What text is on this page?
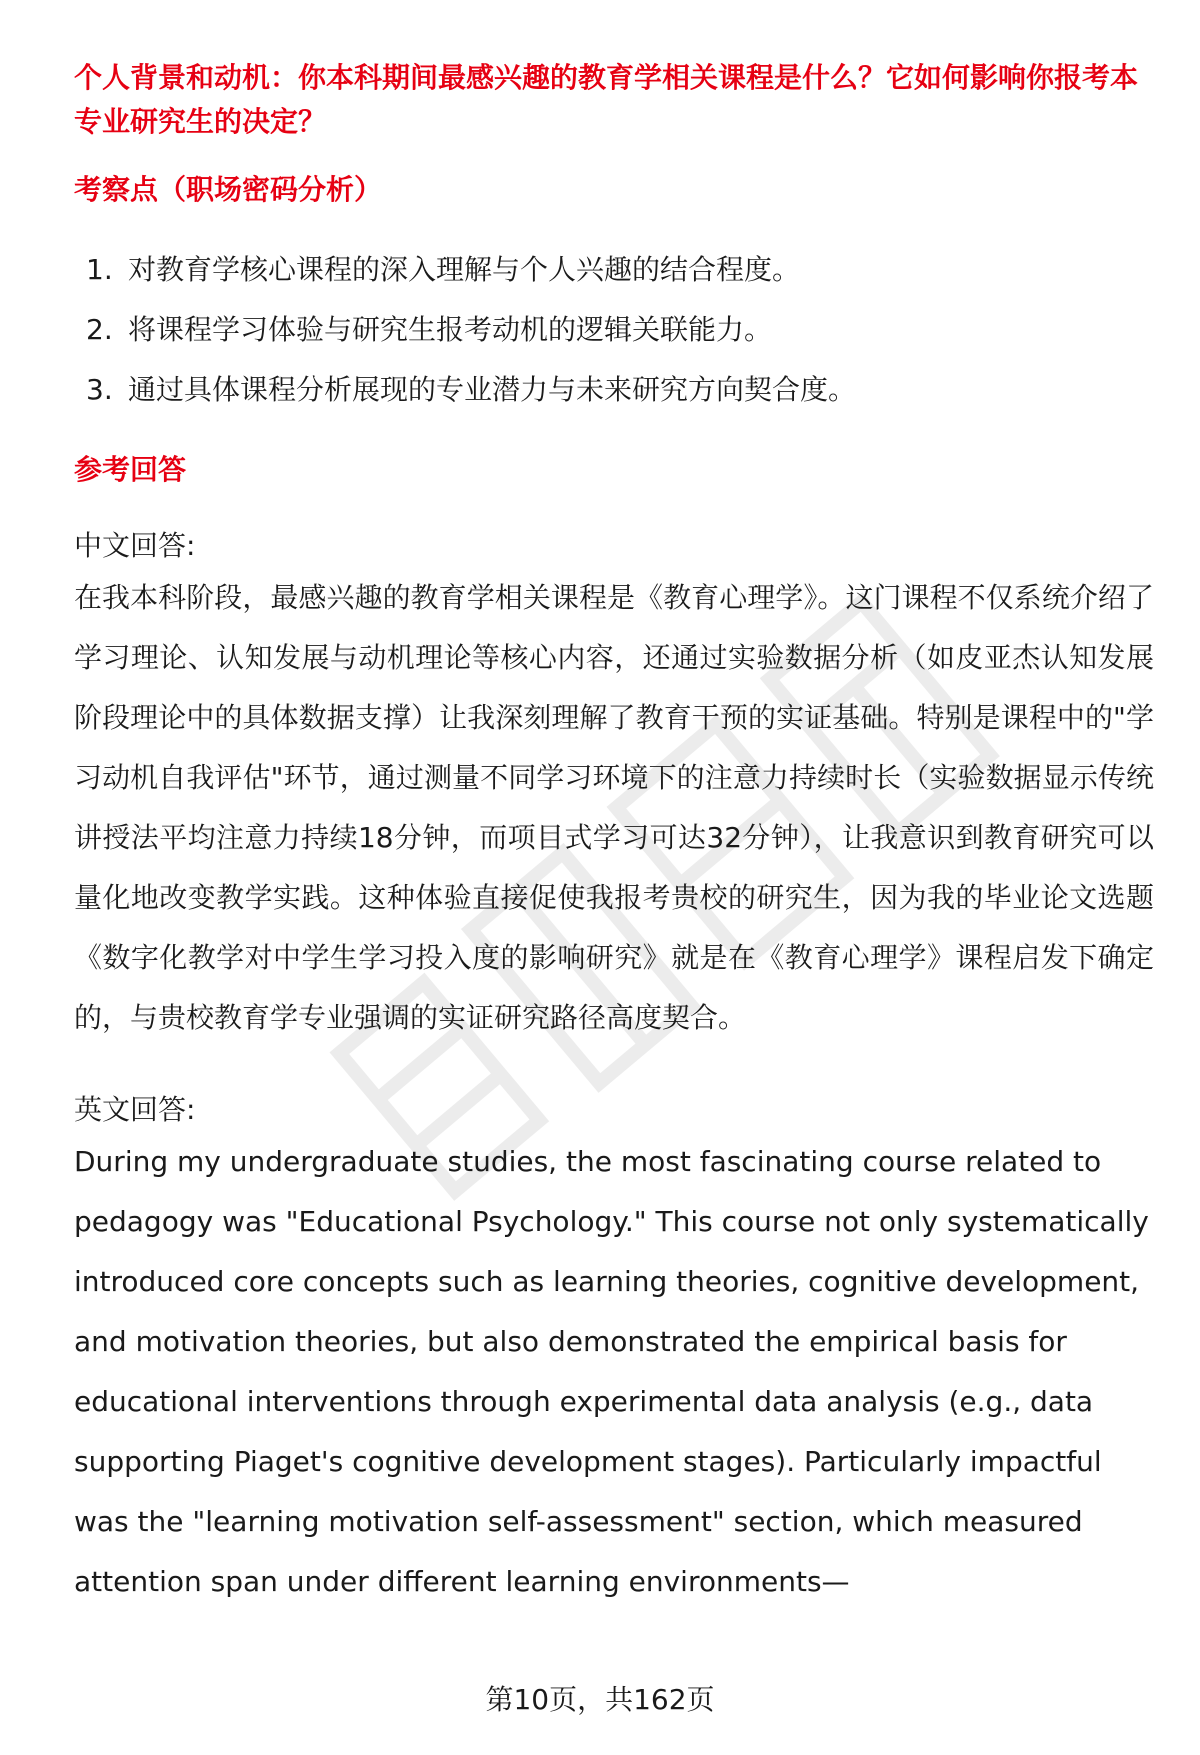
个人背景和动机：你本科期间最感兴趣的教育学相关课程是什么？它如何影响你报考本专业研究生的决定？

考察点（职场密码分析）

1. 对教育学核心课程的深入理解与个人兴趣的结合程度。
2. 将课程学习体验与研究生报考动机的逻辑关联能力。
3. 通过具体课程分析展现的专业潜力与未来研究方向契合度。

参考回答

中文回答:

在我本科阶段，最感兴趣的教育学相关课程是《教育心理学》。这门课程不仅系统介绍了学习理论、认知发展与动机理论等核心内容，还通过实验数据分析（如皮亚杰认知发展阶段理论中的具体数据支撑）让我深刻理解了教育干预的实证基础。特别是课程中的"学习动机自我评估"环节，通过测量不同学习环境下的注意力持续时长（实验数据显示传统讲授法平均注意力持续18分钟，而项目式学习可达32分钟），让我意识到教育研究可以量化地改变教学实践。这种体验直接促使我报考贵校的研究生，因为我的毕业论文选题《数字化教学对中学生学习投入度的影响研究》就是在《教育心理学》课程启发下确定的，与贵校教育学专业强调的实证研究路径高度契合。

英文回答:

During my undergraduate studies, the most fascinating course related to pedagogy was "Educational Psychology." This course not only systematically introduced core concepts such as learning theories, cognitive development, and motivation theories, but also demonstrated the empirical basis for educational interventions through experimental data analysis (e.g., data supporting Piaget's cognitive development stages). Particularly impactful was the "learning motivation self-assessment" section, which measured attention span under different learning environments—

第10页，共162页
